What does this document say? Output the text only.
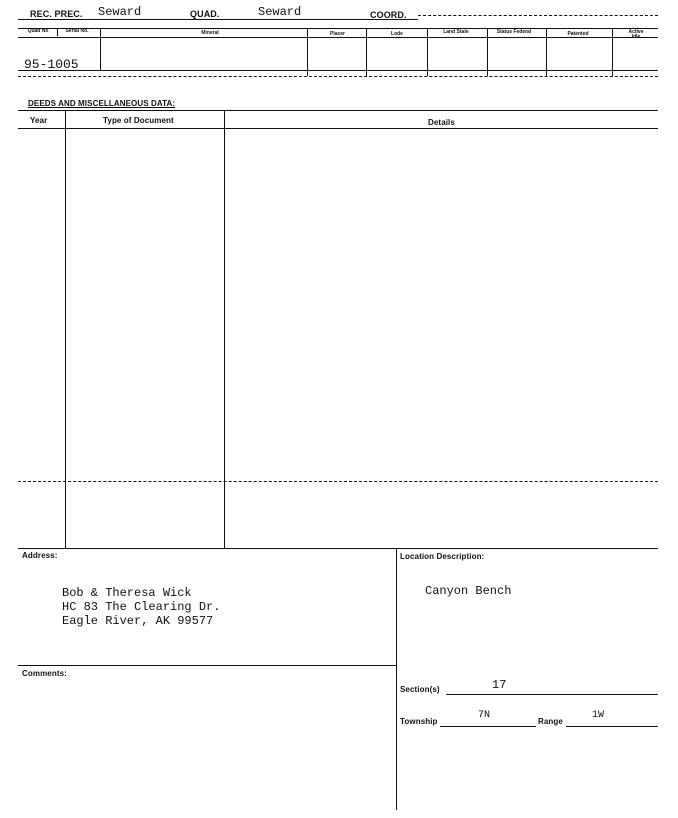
REC. PREC. Seward	QUAD.	Seward	COORD.
Quad No	Serial No.	Mineral	Placer	Lode	Land State	Status Federal	Patented	Active Idle
95-1005
DEEDS AND MISCELLANEOUS DATA:
Year	Type of Document	Details
Address:
Bob & Theresa Wick
HC 83 The Clearing Dr.
Eagle River, AK 99577
Location Description:
Canyon Bench
Comments:
Section(s)	17
Township
7N
Range
1W
